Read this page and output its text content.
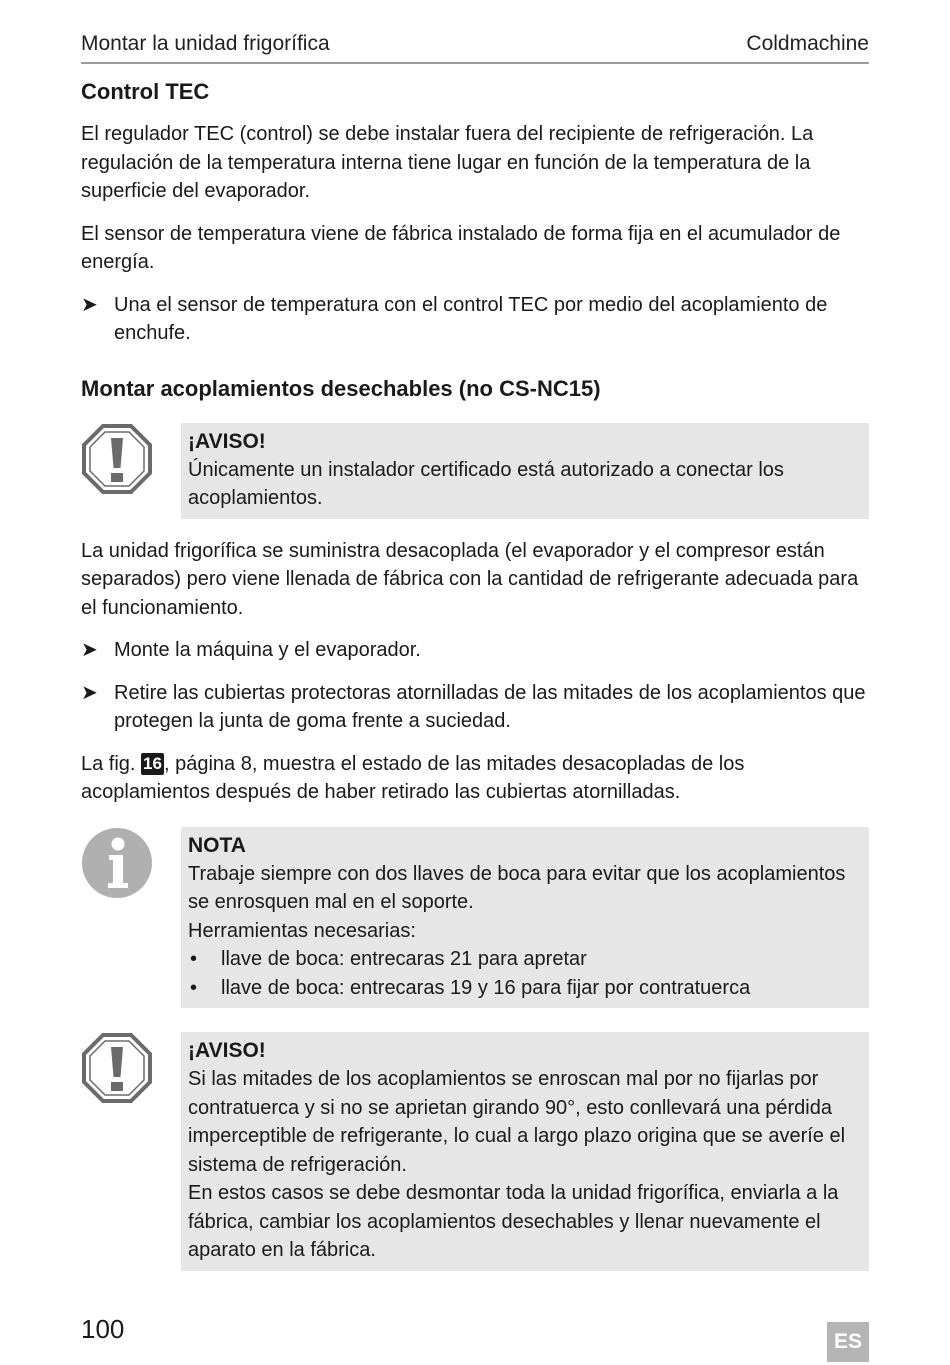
Montar la unidad frigorífica	Coldmachine
Control TEC

El regulador TEC (control) se debe instalar fuera del recipiente de refrigeración. La regulación de la temperatura interna tiene lugar en función de la temperatura de la superficie del evaporador.

El sensor de temperatura viene de fábrica instalado de forma fija en el acumulador de energía.

➤ Una el sensor de temperatura con el control TEC por medio del acoplamiento de enchufe.
Montar acoplamientos desechables (no CS-NC15)
¡AVISO!
Únicamente un instalador certificado está autorizado a conectar los acoplamientos.

La unidad frigorífica se suministra desacoplada (el evaporador y el compresor están separados) pero viene llenada de fábrica con la cantidad de refrigerante adecuada para el funcionamiento.

➤ Monte la máquina y el evaporador.
➤ Retire las cubiertas protectoras atornilladas de las mitades de los acoplamientos que protegen la junta de goma frente a suciedad.

La fig. 16 , página 8, muestra el estado de las mitades desacopladas de los acoplamientos después de haber retirado las cubiertas atornilladas.

NOTA
Trabaje siempre con dos llaves de boca para evitar que los acoplamientos se enrosquen mal en el soporte.
Herramientas necesarias:
• llave de boca: entrecaras 21 para apretar
• llave de boca: entrecaras 19 y 16 para fijar por contratuerca
¡AVISO!
Si las mitades de los acoplamientos se enroscan mal por no fijarlas por contratuerca y si no se aprietan girando 90°, esto conllevará una pérdida imperceptible de refrigerante, lo cual a largo plazo origina que se averíe el sistema de refrigeración.
En estos casos se debe desmontar toda la unidad frigorífica, enviarla a la fábrica, cambiar los acoplamientos desechables y llenar nuevamente el aparato en la fábrica.
100	ES
